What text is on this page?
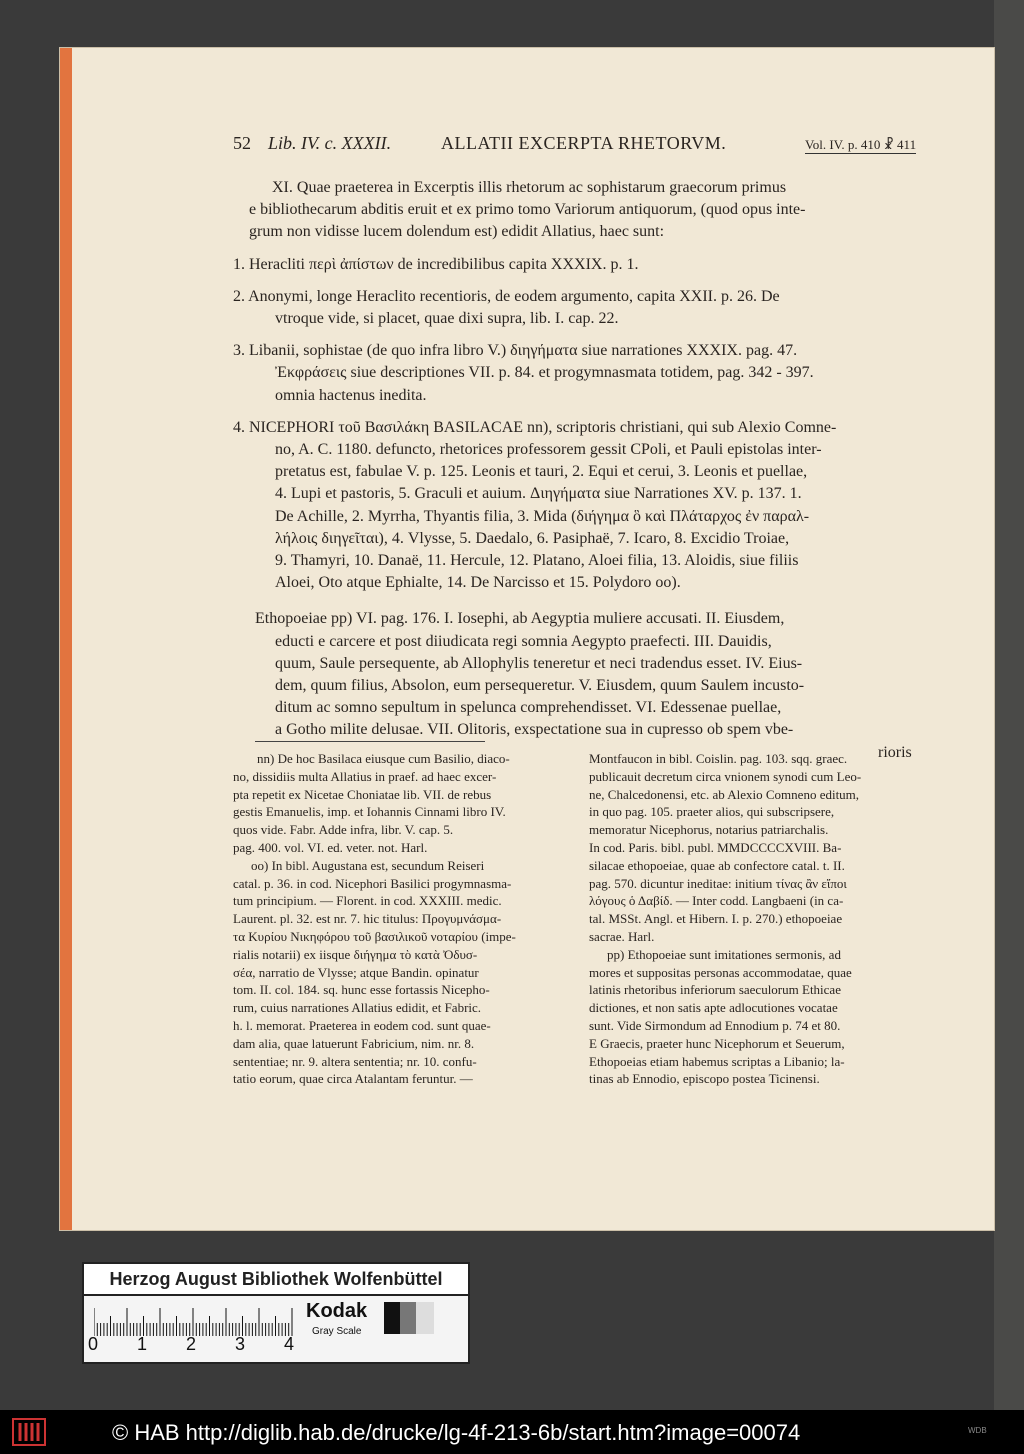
52 Lib. IV. c. XXXII.	ALLATII EXCERPTA RHETORVM.	Vol. IV. p. 410 ☧ 411
XI. Quae praeterea in Excerptis illis rhetorum ac sophistarum graecorum primus
e bibliothecarum abditis eruit et ex primo tomo Variorum antiquorum, (quod opus inte-
grum non vidisse lucem dolendum est) edidit Allatius, haec sunt:
1. Heracliti περὶ ἀπίστων de incredibilibus capita XXXIX. p. 1.
2. Anonymi, longe Heraclito recentioris, de eodem argumento, capita XXII. p. 26. De
vtroque vide, si placet, quae dixi supra, lib. I. cap. 22.
3. Libanii, sophistae (de quo infra libro V.) διηγήματα siue narrationes XXXIX. pag. 47.
Ἐκφράσεις siue descriptiones VII. p. 84. et progymnasmata totidem, pag. 342 - 397.
omnia hactenus inedita.
4. NICEPHORI τοῦ Βασιλάκη BASILACAE nn), scriptoris christiani, qui sub Alexio Comne-
no, A. C. 1180. defuncto, rhetorices professorem gessit CPoli, et Pauli epistolas inter-
pretatus est, fabulae V. p. 125. Leonis et tauri, 2. Equi et cerui, 3. Leonis et puellae,
4. Lupi et pastoris, 5. Graculi et auium. Διηγήματα siue Narrationes XV. p. 137. 1.
De Achille, 2. Myrrha, Thyantis filia, 3. Mida (διήγημα ὃ καὶ Πλάταρχος ἐν παραλ-
λήλοις διηγεῖται), 4. Vlysse, 5. Daedalo, 6. Pasiphaë, 7. Icaro, 8. Excidio Troiae,
9. Thamyri, 10. Danaë, 11. Hercule, 12. Platano, Aloei filia, 13. Aloidis, siue filiis
Aloei, Oto atque Ephialte, 14. De Narcisso et 15. Polydoro oo).
Ethopoeiae pp) VI. pag. 176. I. Iosephi, ab Aegyptia muliere accusati. II. Eiusdem,
educti e carcere et post diiudicata regi somnia Aegypto praefecti. III. Dauidis,
quum, Saule persequente, ab Allophylis teneretur et neci tradendus esset. IV. Eius-
dem, quum filius, Absolon, eum persequeretur. V. Eiusdem, quum Saulem incusto-
ditum ac somno sepultum in spelunca comprehendisset. VI. Edessenae puellae,
a Gotho milite delusae. VII. Olitoris, exspectatione sua in cupresso ob spem vbe-
rioris
nn) De hoc Basilaca eiusque cum Basilio, diaco-
no, dissidiis multa Allatius in praef. ad haec excer-
pta repetit ex Nicetae Choniatae lib. VII. de rebus
gestis Emanuelis, imp. et Iohannis Cinnami libro IV.
quos vide. Fabr. Adde infra, libr. V. cap. 5.
pag. 400. vol. VI. ed. veter. not. Harl.
oo) In bibl. Augustana est, secundum Reiseri
catal. p. 36. in cod. Nicephori Basilici progymnasma-
tum principium. — Florent. in cod. XXXIII. medic.
Laurent. pl. 32. est nr. 7. hic titulus: Προγυμνάσμα-
τα Κυρίου Νικηφόρου τοῦ βασιλικοῦ νοταρίου (impe-
rialis notarii) ex iisque διήγημα τὸ κατὰ Ὀδυσ-
σέα, narratio de Vlysse; atque Bandin. opinatur
tom. II. col. 184. sq. hunc esse fortassis Nicepho-
rum, cuius narrationes Allatius edidit, et Fabric.
h. l. memorat. Praeterea in eodem cod. sunt quae-
dam alia, quae latuerunt Fabricium, nim. nr. 8.
sententiae; nr. 9. altera sententia; nr. 10. confu-
tatio eorum, quae circa Atalantam feruntur. —
Montfaucon in bibl. Coislin. pag. 103. sqq. graec.
publicauit decretum circa vnionem synodi cum Leo-
ne, Chalcedonensi, etc. ab Alexio Comneno editum,
in quo pag. 105. praeter alios, qui subscripsere,
memoratur Nicephorus, notarius patriarchalis.
In cod. Paris. bibl. publ. MMDCCCCXVIII. Ba-
silacae ethopoeiae, quae ab confectore catal. t. II.
pag. 570. dicuntur ineditae: initium τίνας ἂν εἴποι
λόγους ὁ Δαβίδ. — Inter codd. Langbaeni (in ca-
tal. MSSt. Angl. et Hibern. I. p. 270.) ethopoeiae
sacrae. Harl.
pp) Ethopoeiae sunt imitationes sermonis, ad
mores et suppositas personas accommodatae, quae
latinis rhetoribus inferiorum saeculorum Ethicae
dictiones, et non satis apte adlocutiones vocatae
sunt. Vide Sirmondum ad Ennodium p. 74 et 80.
E Graecis, praeter hunc Nicephorum et Seuerum,
Ethopoeias etiam habemus scriptas a Libanio; la-
tinas ab Ennodio, episcopo postea Ticinensi.
Herzog August Bibliothek Wolfenbüttel
Kodak
Gray Scale
0 1 2 3 4
© HAB http://diglib.hab.de/drucke/lg-4f-213-6b/start.htm?image=00074	WDB
